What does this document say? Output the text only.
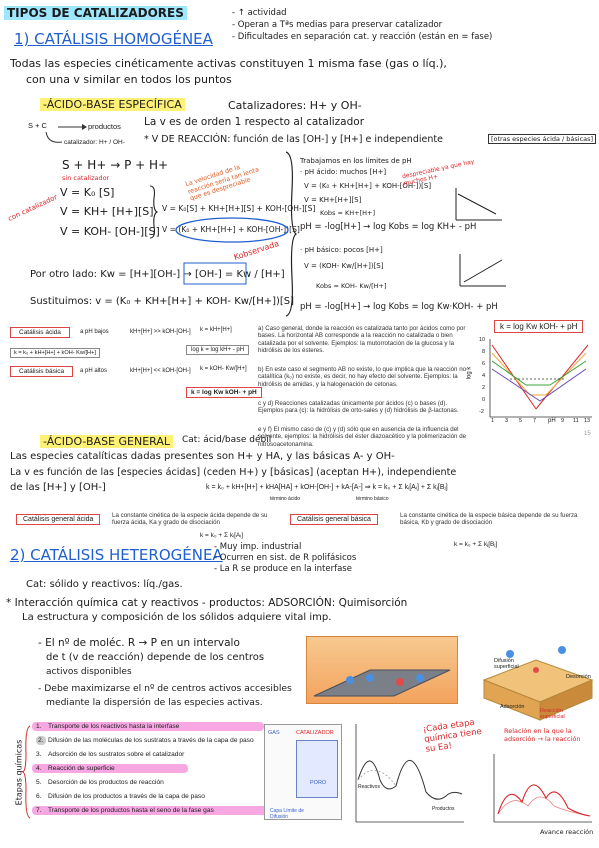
TIPOS DE CATALIZADORES	- ↑ actividad
- Operan a Tªs medias para preservar catalizador
- Dificultades en separación cat. y reacción (están en = fase)
1) CATÁLISIS HOMOGÉNEA
Todas las especies cinéticamente activas constituyen 1 misma fase (gas o líq.),
con una v similar en todos los puntos
-ÁCIDO-BASE ESPECÍFICA	Catalizadores: H+ y OH-
La v es de orden 1 respecto al catalizador
S + C	productos
catalizador: H+ / OH- * V DE REACCIÓN: función de las [OH-] y [H+] e independiente	[otras especies ácida / básicas]
S + H+ → P + H+
sin catalizador	La velocidad de la reacción sería tan lenta que es despreciable
con catalizador
V = K₀ [S]
V = KH+ [H+][S]
V = KOH- [OH-][S]
V = K₀[S] + KH+[H+][S] + KOH-[OH-][S]
V = (K₀ + KH+[H+] + KOH-[OH-])[S]
Kobservada
Por otro lado: Kw = [H+][OH-] → [OH-] = Kw / [H+]
Sustituimos: v = (K₀ + KH+[H+] + KOH- Kw/[H+])[S]
Trabajamos en los límites de pH
· pH ácido: muchos [H+]
V = (K₀ + KH+[H+] + KOH-[OH-])[S]
V = KH+[H+][S]
Kobs = KH+[H+]
pH = -log[H+] → log Kobs = log KH+ - pH
· pH básico: pocos [H+]
V = (KOH- Kw/[H+])[S]
Kobs = KOH- Kw/[H+]
pH = -log[H+] → log Kobs = log Kw·KOH- + pH
despreciable ya que hay muchos H+
Catálisis ácida	a pH bajos	kH+[H+] >> kOH-[OH-] k = kH+[H+]
log k = log kH+ - pH
k = k₀ + kH+[H+] + kOH- Kw/[H+]
Catálisis básica	a pH altos	kH+[H+] << kOH-[OH-] k = kOH- Kw/[H+]
k = log Kw kOH- + pH
a) Caso general, donde la reacción es catalizada tanto por ácidos como por bases. La horizontal AB corresponde a la reacción no catalizada o bien catalizada por el solvente. Ejemplos: la mutorrotación de la glucosa y la hidrólisis de los ésteres.
b) En este caso el segmento AB no existe, lo que implica que la reacción no catalítica (k₀) no existe, es decir, no hay efecto del solvente. Ejemplos: la hidrólisis de amidas, y la halogenación de cetonas.
c y d) Reacciones catalizadas únicamente por ácidos (c) o bases (d). Ejemplos para (c): la hidrólisis de orto-sales y (d) hidrólisis de β-lactonas.
e y f) El mismo caso de (c) y (d) sólo que en ausencia de la influencia del solvente, ejemplos: la hidrólisis del éster diazoacético y la polimerización de nitrosoacetonamina.
k = log Kw kOH- + pH
log k
pH
10
8
6
4
2
0
-2
1 3 5 7	9 11 13
15
-ÁCIDO-BASE GENERAL	Cat: ácid/base débil
Las especies catalíticas dadas presentes son H+ y HA, y las básicas A- y OH-
La v es función de las [especies ácidas] (ceden H+) y [básicas] (aceptan H+), independiente
de las [H+] y [OH-]	k = k₀ + kH+[H+] + kHA[HA] + kOH-[OH-] + kA-[A-] ⇒ k = k₀ + Σ kᵢ[Aᵢ] + Σ kⱼ[Bⱼ]
término ácido	término básico
Catálisis general ácida
La constante cinética de la especie ácida depende de su fuerza ácida, Ka y grado de disociación
k = k₀ + Σ kᵢ[Aᵢ]
Catálisis general básica
La constante cinética de la especie básica depende de su fuerza básica, Kb y grado de disociación
k = k₀ + Σ kⱼ[Bⱼ]
2) CATÁLISIS HETEROGÉNEA
- Muy imp. industrial
- Ocurren en sist. de R polifásicos
- La R se produce en la interfase
Cat: sólido y reactivos: líq./gas.
* Interacción química cat y reactivos - productos: ADSORCIÓN: Quimisorción
La estructura y composición de los sólidos adquiere vital imp.
- El nº de moléc. R → P en un intervalo
de t (v de reacción) depende de los centros
activos disponibles
- Debe maximizarse el nº de centros activos accesibles
mediante la dispersión de las especies activas.
Difusión superficial
Desorción
Adsorción
Reacción superficial
Etapas químicas
1. Transporte de los reactivos hasta la interfase
2. Difusión de las moléculas de los sustratos a través de la capa de paso
3. Adsorción de los sustratos sobre el catalizador
4. Reacción de superficie
5. Desorción de los productos de reacción
6. Difusión de los productos a través de la capa de paso
7. Transporte de los productos hasta el seno de la fase gas
GAS	CATALIZADOR
PORO
Capa Límite de Difusión
Reactivos
Productos
¡Cada etapa química tiene su Ea!
Relación en la que la adsorción → la reacción
Avance reacción
